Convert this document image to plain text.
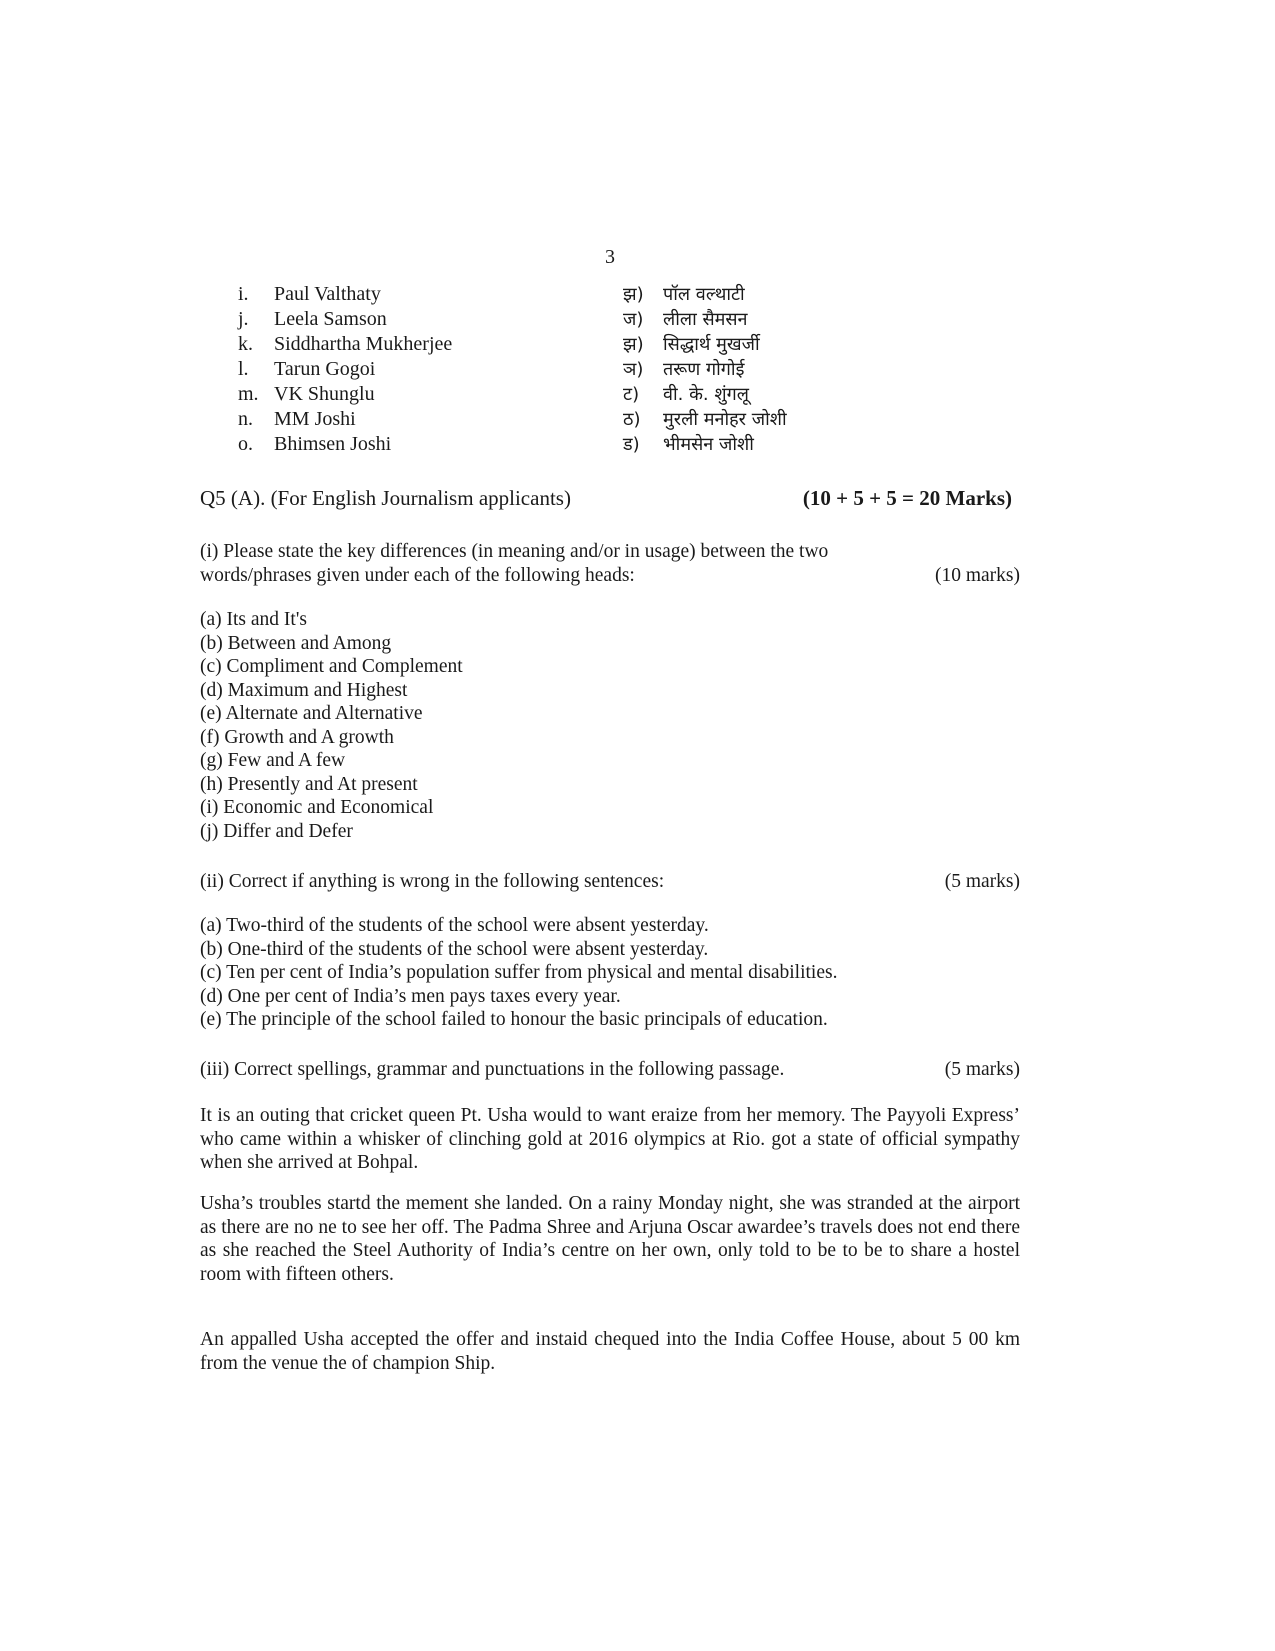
3
i.	Paul Valthaty	झ) पॉल वल्थाटी
j.	Leela Samson	ज) लीला सैमसन
k.	Siddhartha Mukherjee	झ) सिद्धार्थ मुखर्जी
l.	Tarun Gogoi	ञ) तरूण गोगोई
m. VK Shunglu	ट) वी. के. शुंगलू
n.	MM Joshi	ठ) मुरली मनोहर जोशी
o.	Bhimsen Joshi	ड) भीमसेन जोशी
Q5 (A). (For English Journalism applicants)	(10 + 5 + 5 = 20 Marks)
(i) Please state the key differences (in meaning and/or in usage) between the two
words/phrases given under each of the following heads:	(10 marks)
(a) Its and It's
(b) Between and Among
(c) Compliment and Complement
(d) Maximum and Highest
(e) Alternate and Alternative
(f) Growth and A growth
(g) Few and A few
(h) Presently and At present
(i) Economic and Economical
(j) Differ and Defer
(ii) Correct if anything is wrong in the following sentences:	(5 marks)
(a) Two-third of the students of the school were absent yesterday.
(b) One-third of the students of the school were absent yesterday.
(c) Ten per cent of India’s population suffer from physical and mental disabilities.
(d) One per cent of India’s men pays taxes every year.
(e) The principle of the school failed to honour the basic principals of education.
(iii) Correct spellings, grammar and punctuations in the following passage.	(5 marks)
It is an outing that cricket queen Pt. Usha would to want eraize from her memory. The Payyoli Express’ who came within a whisker of clinching gold at 2016 olympics at Rio. got a state of official sympathy when she arrived at Bohpal.
Usha’s troubles startd the mement she landed. On a rainy Monday night, she was stranded at the airport as there are no ne to see her off. The Padma Shree and Arjuna Oscar awardee’s travels does not end there as she reached the Steel Authority of India’s centre on her own, only told to be to be to share a hostel room with fifteen others.
An appalled Usha accepted the offer and instaid chequed into the India Coffee House, about 5 00 km from the venue the of champion Ship.
